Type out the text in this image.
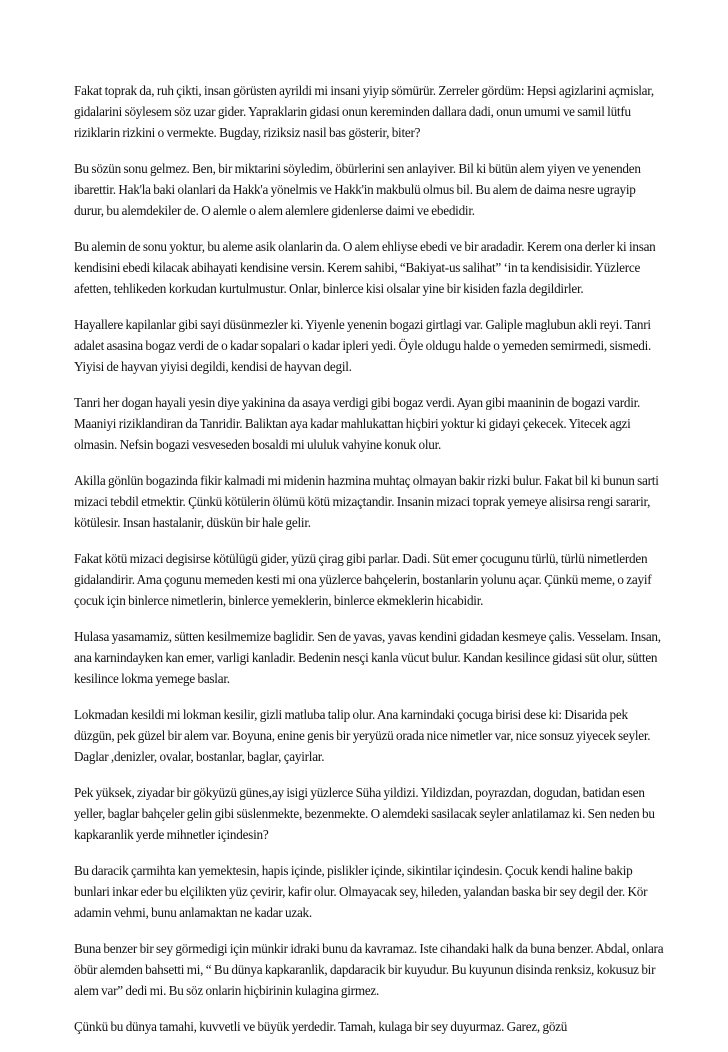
Fakat toprak da, ruh çikti, insan görüsten ayrildi mi insani yiyip sömürür. Zerreler gördüm: Hepsi agizlarini açmislar, gidalarini söylesem söz uzar gider. Yapraklarin gidasi onun kereminden dallara dadi, onun umumi ve samil lütfu riziklarin rizkini o vermekte. Bugday, riziksiz nasil bas gösterir, biter?

Bu sözün sonu gelmez. Ben, bir miktarini söyledim, öbürlerini sen anlayiver. Bil ki bütün alem yiyen ve yenenden ibarettir. Hak'la baki olanlari da Hakk'a yönelmis ve Hakk'in makbulü olmus bil. Bu alem de daima nesre ugrayip durur, bu alemdekiler de. O alemle o alem alemlere gidenlerse daimi ve ebedidir.

Bu alemin de sonu yoktur, bu aleme asik olanlarin da. O alem ehliyse ebedi ve bir aradadir. Kerem ona derler ki insan kendisini ebedi kilacak abihayati kendisine versin. Kerem sahibi, “Bakiyat-us salihat” ‘in ta kendisisidir. Yüzlerce afetten, tehlikeden korkudan kurtulmustur. Onlar, binlerce kisi olsalar yine bir kisiden fazla degildirler.

Hayallere kapilanlar gibi sayi düsünmezler ki. Yiyenle yenenin bogazi girtlagi var. Galiple maglubun akli reyi. Tanri adalet asasina bogaz verdi de o kadar sopalari o kadar ipleri yedi. Öyle oldugu halde o yemeden semirmedi, sismedi. Yiyisi de hayvan yiyisi degildi, kendisi de hayvan degil.

Tanri her dogan hayali yesin diye yakinina da asaya verdigi gibi bogaz verdi. Ayan gibi maaninin de bogazi vardir. Maaniyi riziklandiran da Tanridir. Baliktan aya kadar mahlukattan hiçbiri yoktur ki gidayi çekecek. Yitecek agzi olmasin. Nefsin bogazi vesveseden bosaldi mi ululuk vahyine konuk olur.

Akilla gönlün bogazinda fikir kalmadi mi midenin hazmina muhtaç olmayan bakir rizki bulur. Fakat bil ki bunun sarti mizaci tebdil etmektir. Çünkü kötülerin ölümü kötü mizaçtandir. Insanin mizaci toprak yemeye alisirsa rengi sararir, kötülesir. Insan hastalanir, düskün bir hale gelir.

Fakat kötü mizaci degisirse kötülügü gider, yüzü çirag gibi parlar. Dadi. Süt emer çocugunu türlü, türlü nimetlerden gidalandirir. Ama çogunu memeden kesti mi ona yüzlerce bahçelerin, bostanlarin yolunu açar. Çünkü meme, o zayif çocuk için binlerce nimetlerin, binlerce yemeklerin, binlerce ekmeklerin hicabidir.

Hulasa yasamamiz, sütten kesilmemize baglidir. Sen de yavas, yavas kendini gidadan kesmeye çalis. Vesselam. Insan, ana karnindayken kan emer, varligi kanladir. Bedenin nesçi kanla vücut bulur. Kandan kesilince gidasi süt olur, sütten kesilince lokma yemege baslar.

Lokmadan kesildi mi lokman kesilir, gizli matluba talip olur. Ana karnindaki çocuga birisi dese ki: Disarida pek düzgün, pek güzel bir alem var. Boyuna, enine genis bir yeryüzü orada nice nimetler var, nice sonsuz yiyecek seyler. Daglar ,denizler, ovalar, bostanlar, baglar, çayirlar.

Pek yüksek, ziyadar bir gökyüzü günes,ay isigi yüzlerce Süha yildizi. Yildizdan, poyrazdan, dogudan, batidan esen yeller, baglar bahçeler gelin gibi süslenmekte, bezenmekte. O alemdeki sasilacak seyler anlatilamaz ki. Sen neden bu kapkaranlik yerde mihnetler içindesin?

Bu daracik çarmihta kan yemektesin, hapis içinde, pislikler içinde, sikintilar içindesin. Çocuk kendi haline bakip bunlari inkar eder bu elçilikten yüz çevirir, kafir olur. Olmayacak sey, hileden, yalandan baska bir sey degil der. Kör adamin vehmi, bunu anlamaktan ne kadar uzak.

Buna benzer bir sey görmedigi için münkir idraki bunu da kavramaz. Iste cihandaki halk da buna benzer. Abdal, onlara öbür alemden bahsetti mi, “ Bu dünya kapkaranlik, dapdaracik bir kuyudur. Bu kuyunun disinda renksiz, kokusuz bir alem var” dedi mi. Bu söz onlarin hiçbirinin kulagina girmez.

Çünkü bu dünya tamahi, kuvvetli ve büyük yerdedir. Tamah, kulaga bir sey duyurmaz. Garez, gözü
